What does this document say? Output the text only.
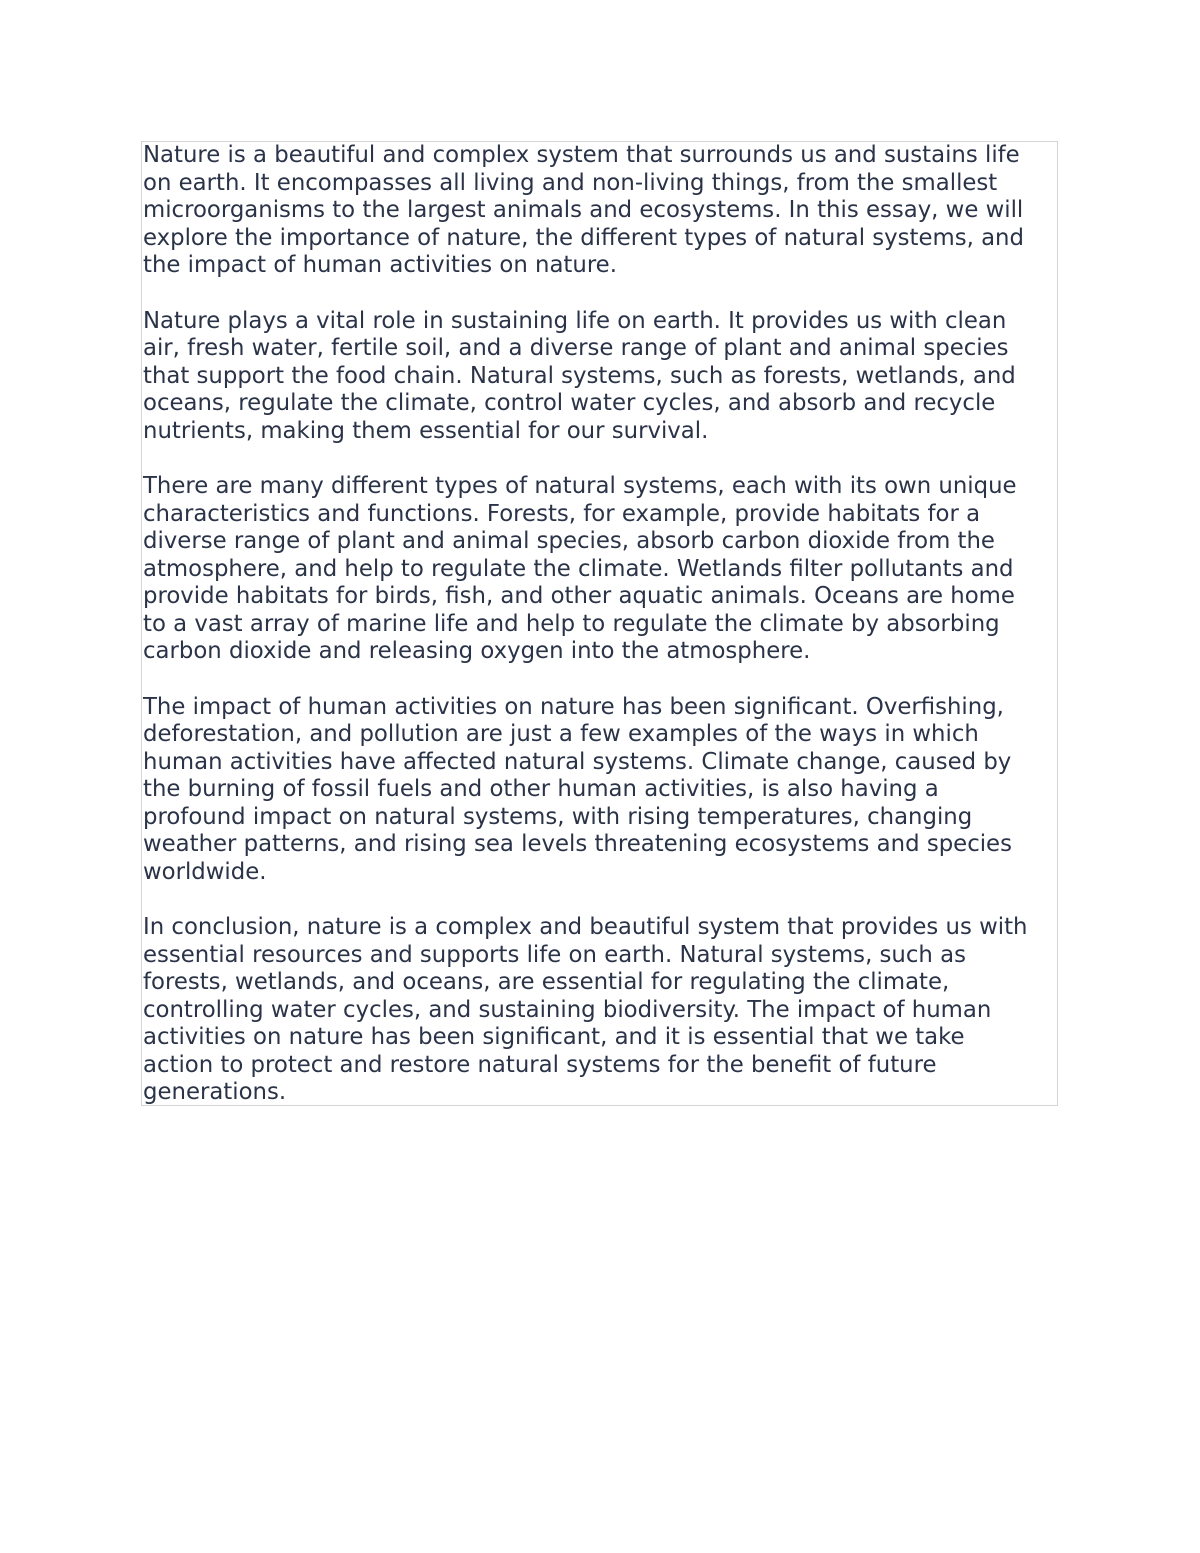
Nature is a beautiful and complex system that surrounds us and sustains life
on earth. It encompasses all living and non-living things, from the smallest
microorganisms to the largest animals and ecosystems. In this essay, we will
explore the importance of nature, the different types of natural systems, and
the impact of human activities on nature.

Nature plays a vital role in sustaining life on earth. It provides us with clean
air, fresh water, fertile soil, and a diverse range of plant and animal species
that support the food chain. Natural systems, such as forests, wetlands, and
oceans, regulate the climate, control water cycles, and absorb and recycle
nutrients, making them essential for our survival.

There are many different types of natural systems, each with its own unique
characteristics and functions. Forests, for example, provide habitats for a
diverse range of plant and animal species, absorb carbon dioxide from the
atmosphere, and help to regulate the climate. Wetlands filter pollutants and
provide habitats for birds, fish, and other aquatic animals. Oceans are home
to a vast array of marine life and help to regulate the climate by absorbing
carbon dioxide and releasing oxygen into the atmosphere.

The impact of human activities on nature has been significant. Overfishing,
deforestation, and pollution are just a few examples of the ways in which
human activities have affected natural systems. Climate change, caused by
the burning of fossil fuels and other human activities, is also having a
profound impact on natural systems, with rising temperatures, changing
weather patterns, and rising sea levels threatening ecosystems and species
worldwide.

In conclusion, nature is a complex and beautiful system that provides us with
essential resources and supports life on earth. Natural systems, such as
forests, wetlands, and oceans, are essential for regulating the climate,
controlling water cycles, and sustaining biodiversity. The impact of human
activities on nature has been significant, and it is essential that we take
action to protect and restore natural systems for the benefit of future
generations.
